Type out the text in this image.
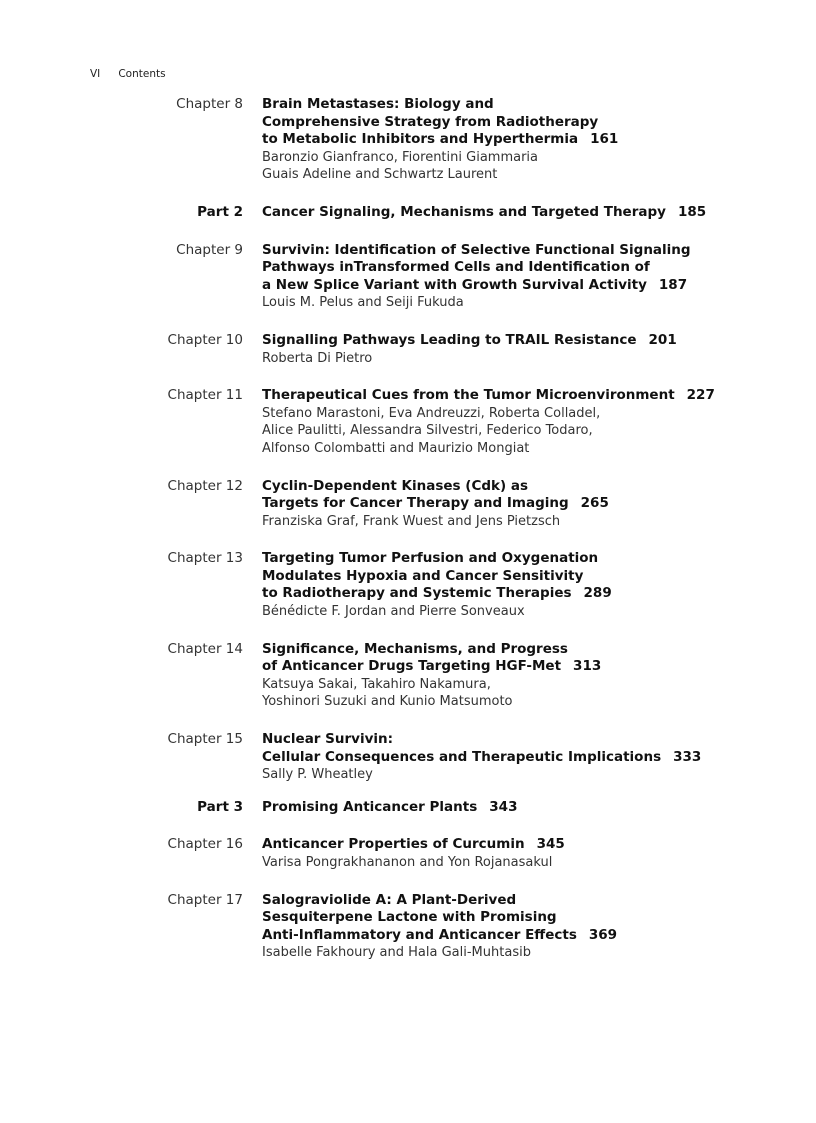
VI Contents
Chapter 8 Brain Metastases: Biology and
Comprehensive Strategy from Radiotherapy
to Metabolic Inhibitors and Hyperthermia 161
Baronzio Gianfranco, Fiorentini Giammaria
Guais Adeline and Schwartz Laurent
Part 2 Cancer Signaling, Mechanisms and Targeted Therapy 185
Chapter 9 Survivin: Identification of Selective Functional Signaling
Pathways inTransformed Cells and Identification of
a New Splice Variant with Growth Survival Activity 187
Louis M. Pelus and Seiji Fukuda
Chapter 10 Signalling Pathways Leading to TRAIL Resistance 201
Roberta Di Pietro
Chapter 11 Therapeutical Cues from the Tumor Microenvironment 227
Stefano Marastoni, Eva Andreuzzi, Roberta Colladel,
Alice Paulitti, Alessandra Silvestri, Federico Todaro,
Alfonso Colombatti and Maurizio Mongiat
Chapter 12 Cyclin-Dependent Kinases (Cdk) as
Targets for Cancer Therapy and Imaging 265
Franziska Graf, Frank Wuest and Jens Pietzsch
Chapter 13 Targeting Tumor Perfusion and Oxygenation
Modulates Hypoxia and Cancer Sensitivity
to Radiotherapy and Systemic Therapies 289
Bénédicte F. Jordan and Pierre Sonveaux
Chapter 14 Significance, Mechanisms, and Progress
of Anticancer Drugs Targeting HGF-Met 313
Katsuya Sakai, Takahiro Nakamura,
Yoshinori Suzuki and Kunio Matsumoto
Chapter 15 Nuclear Survivin:
Cellular Consequences and Therapeutic Implications 333
Sally P. Wheatley
Part 3 Promising Anticancer Plants 343
Chapter 16 Anticancer Properties of Curcumin 345
Varisa Pongrakhananon and Yon Rojanasakul
Chapter 17 Salograviolide A: A Plant-Derived
Sesquiterpene Lactone with Promising
Anti-Inflammatory and Anticancer Effects 369
Isabelle Fakhoury and Hala Gali-Muhtasib
